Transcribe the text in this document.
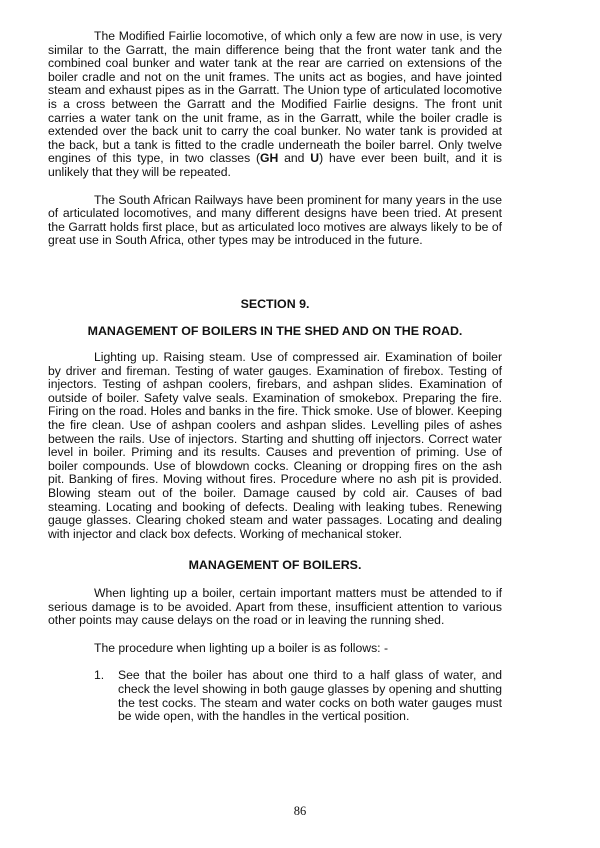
The Modified Fairlie locomotive, of which only a few are now in use, is very similar to the Garratt, the main difference being that the front water tank and the combined coal bunker and water tank at the rear are carried on extensions of the boiler cradle and not on the unit frames. The units act as bogies, and have jointed steam and exhaust pipes as in the Garratt. The Union type of articulated locomotive is a cross between the Garratt and the Modified Fairlie designs. The front unit carries a water tank on the unit frame, as in the Garratt, while the boiler cradle is extended over the back unit to carry the coal bunker. No water tank is provided at the back, but a tank is fitted to the cradle underneath the boiler barrel. Only twelve engines of this type, in two classes (GH and U) have ever been built, and it is unlikely that they will be repeated.

The South African Railways have been prominent for many years in the use of articulated locomotives, and many different designs have been tried. At present the Garratt holds first place, but as articulated loco motives are always likely to be of great use in South Africa, other types may be introduced in the future.

SECTION 9.

MANAGEMENT OF BOILERS IN THE SHED AND ON THE ROAD.

Lighting up. Raising steam. Use of compressed air. Examination of boiler by driver and fireman. Testing of water gauges. Examination of firebox. Testing of injectors. Testing of ashpan coolers, firebars, and ashpan slides. Examination of outside of boiler. Safety valve seals. Examination of smokebox. Preparing the fire. Firing on the road. Holes and banks in the fire. Thick smoke. Use of blower. Keeping the fire clean. Use of ashpan coolers and ashpan slides. Levelling piles of ashes between the rails. Use of injectors. Starting and shutting off injectors. Correct water level in boiler. Priming and its results. Causes and prevention of priming. Use of boiler compounds. Use of blowdown cocks. Cleaning or dropping fires on the ash pit. Banking of fires. Moving without fires. Procedure where no ash pit is provided. Blowing steam out of the boiler. Damage caused by cold air. Causes of bad steaming. Locating and booking of defects. Dealing with leaking tubes. Renewing gauge glasses. Clearing choked steam and water passages. Locating and dealing with injector and clack box defects. Working of mechanical stoker.

MANAGEMENT OF BOILERS.

When lighting up a boiler, certain important matters must be attended to if serious damage is to be avoided. Apart from these, insufficient attention to various other points may cause delays on the road or in leaving the running shed.

The procedure when lighting up a boiler is as follows: -

1.	See that the boiler has about one third to a half glass of water, and check the level showing in both gauge glasses by opening and shutting the test cocks. The steam and water cocks on both water gauges must be wide open, with the handles in the vertical position.
86
